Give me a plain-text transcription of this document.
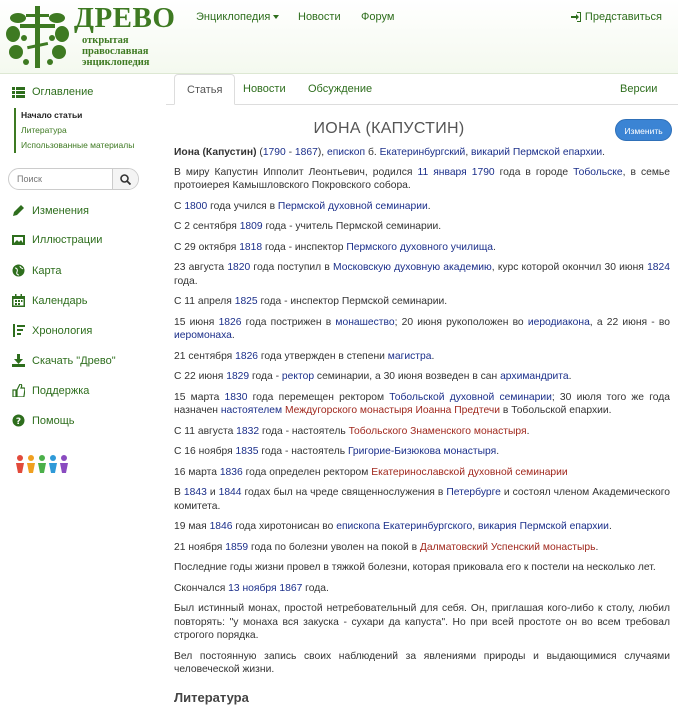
ДРЕВО
открытая
православная
энциклопедия
Энциклопедия	Новости Форум	Представиться
Оглавление
Начало статьи
Литература
Использованные материалы
Поиск
Изменения
Иллюстрации
Карта
Календарь
Хронология
Скачать "Древо"
Поддержка
? Помощь
Статья	Новости Обсуждение	Версии
ИОНА (КАПУСТИН)	Изменить

Иона (Капустин) (1790 - 1867), епископ б. Екатеринбургский, викарий Пермской епархии.

В миру Капустин Ипполит Леонтьевич, родился 11 января 1790 года в городе Тобольске, в семье протоиерея Камышловского Покровского собора.

С 1800 года учился в Пермской духовной семинарии.

С 2 сентября 1809 года - учитель Пермской семинарии.

С 29 октября 1818 года - инспектор Пермского духовного училища.

23 августа 1820 года поступил в Московскую духовную академию, курс которой окончил 30 июня 1824 года.

С 11 апреля 1825 года - инспектор Пермской семинарии.

15 июня 1826 года пострижен в монашество; 20 июня рукоположен во иеродиакона, а 22 июня - во иеромонаха.

21 сентября 1826 года утвержден в степени магистра.

С 22 июня 1829 года - ректор семинарии, а 30 июня возведен в сан архимандрита.

15 марта 1830 года перемещен ректором Тобольской духовной семинарии; 30 июля того же года назначен настоятелем Междугорского монастыря Иоанна Предтечи в Тобольской епархии.

С 11 августа 1832 года - настоятель Тобольского Знаменского монастыря.

С 16 ноября 1835 года - настоятель Григорие-Бизюкова монастыря.

16 марта 1836 года определен ректором Екатеринославской духовной семинарии

В 1843 и 1844 годах был на чреде священнослужения в Петербурге и состоял членом Академического комитета.

19 мая 1846 года хиротонисан во епископа Екатеринбургского, викария Пермской епархии.

21 ноября 1859 года по болезни уволен на покой в Далматовский Успенский монастырь.

Последние годы жизни провел в тяжкой болезни, которая приковала его к постели на несколько лет.

Скончался 13 ноября 1867 года.

Был истинный монах, простой нетребовательный для себя. Он, приглашая кого-либо к столу, любил повторять: "у монаха вся закуска - сухари да капуста". Но при всей простоте он во всем требовал строгого порядка.

Вел постоянную запись своих наблюдений за явлениями природы и выдающимися случаями человеческой жизни.

Литература
